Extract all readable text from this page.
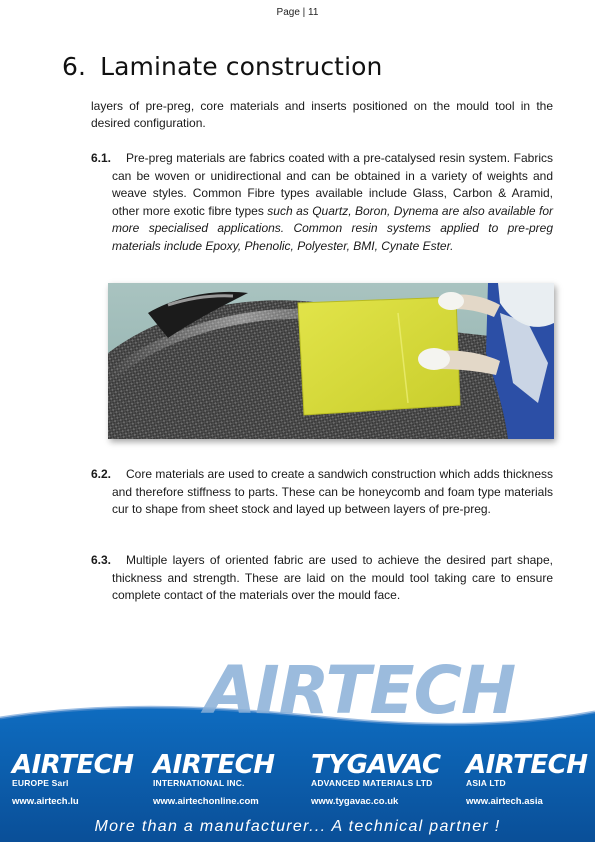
Page | 11
6. Laminate construction

layers of pre-preg, core materials and inserts positioned on the mould tool in the desired configuration.

6.1. Pre-preg materials are fabrics coated with a pre-catalysed resin system. Fabrics can be woven or unidirectional and can be obtained in a variety of weights and weave styles. Common Fibre types available include Glass, Carbon & Aramid, other more exotic fibre types such as Quartz, Boron, Dynema are also available for more specialised applications. Common resin systems applied to pre-preg materials include Epoxy, Phenolic, Polyester, BMI, Cynate Ester.

6.2. Core materials are used to create a sandwich construction which adds thickness and therefore stiffness to parts. These can be honeycomb and foam type materials cur to shape from sheet stock and layed up between layers of pre-preg.

6.3. Multiple layers of oriented fabric are used to achieve the desired part shape, thickness and strength. These are laid on the mould tool taking care to ensure complete contact of the materials over the mould face.

AIRTECH
AIRTECH
EUROPE Sarl
www.airtech.lu
AIRTECH
INTERNATIONAL INC.
www.airtechonline.com
TYGAVAC
ADVANCED MATERIALS LTD
www.tygavac.co.uk
AIRTECH
ASIA LTD
www.airtech.asia
More than a manufacturer... A technical partner !
